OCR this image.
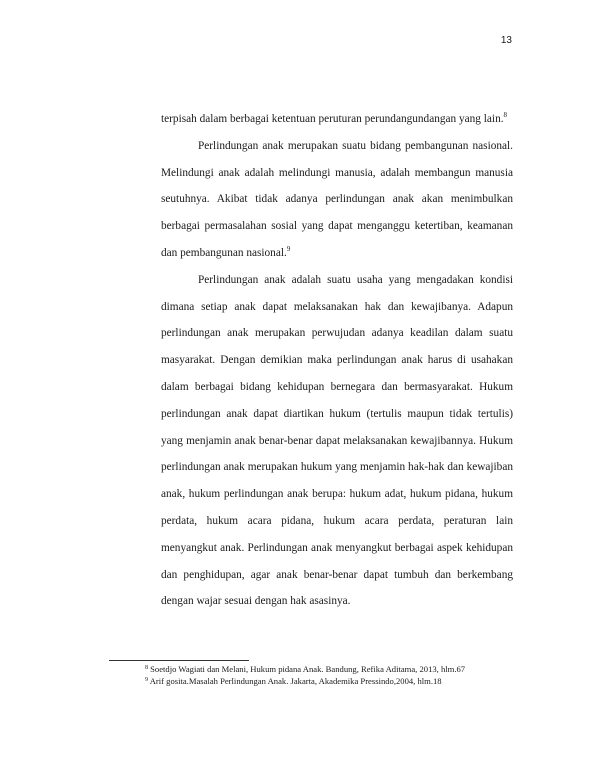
13

terpisah dalam berbagai ketentuan peruturan perundangundangan yang lain.$^8$

Perlindungan anak merupakan suatu bidang pembangunan nasional. Melindungi anak adalah melindungi manusia, adalah membangun manusia seutuhnya. Akibat tidak adanya perlindungan anak akan menimbulkan berbagai permasalahan sosial yang dapat menganggu ketertiban, keamanan dan pembangunan nasional.$^9$

Perlindungan anak adalah suatu usaha yang mengadakan kondisi dimana setiap anak dapat melaksanakan hak dan kewajibanya. Adapun perlindungan anak merupakan perwujudan adanya keadilan dalam suatu masyarakat. Dengan demikian maka perlindungan anak harus di usahakan dalam berbagai bidang kehidupan bernegara dan bermasyarakat. Hukum perlindungan anak dapat diartikan hukum (tertulis maupun tidak tertulis) yang menjamin anak benar-benar dapat melaksanakan kewajibannya. Hukum perlindungan anak merupakan hukum yang menjamin hak-hak dan kewajiban anak, hukum perlindungan anak berupa: hukum adat, hukum pidana, hukum perdata, hukum acara pidana, hukum acara perdata, peraturan lain menyangkut anak. Perlindungan anak menyangkut berbagai aspek kehidupan dan penghidupan, agar anak benar-benar dapat tumbuh dan berkembang dengan wajar sesuai dengan hak asasinya.

$^8$ Soetdjo Wagiati dan Melani, Hukum pidana Anak. Bandung, Refika Aditama, 2013, hlm.67
$^9$ Arif gosita.Masalah Perlindungan Anak. Jakarta, Akademika Pressindo,2004, hlm.18
